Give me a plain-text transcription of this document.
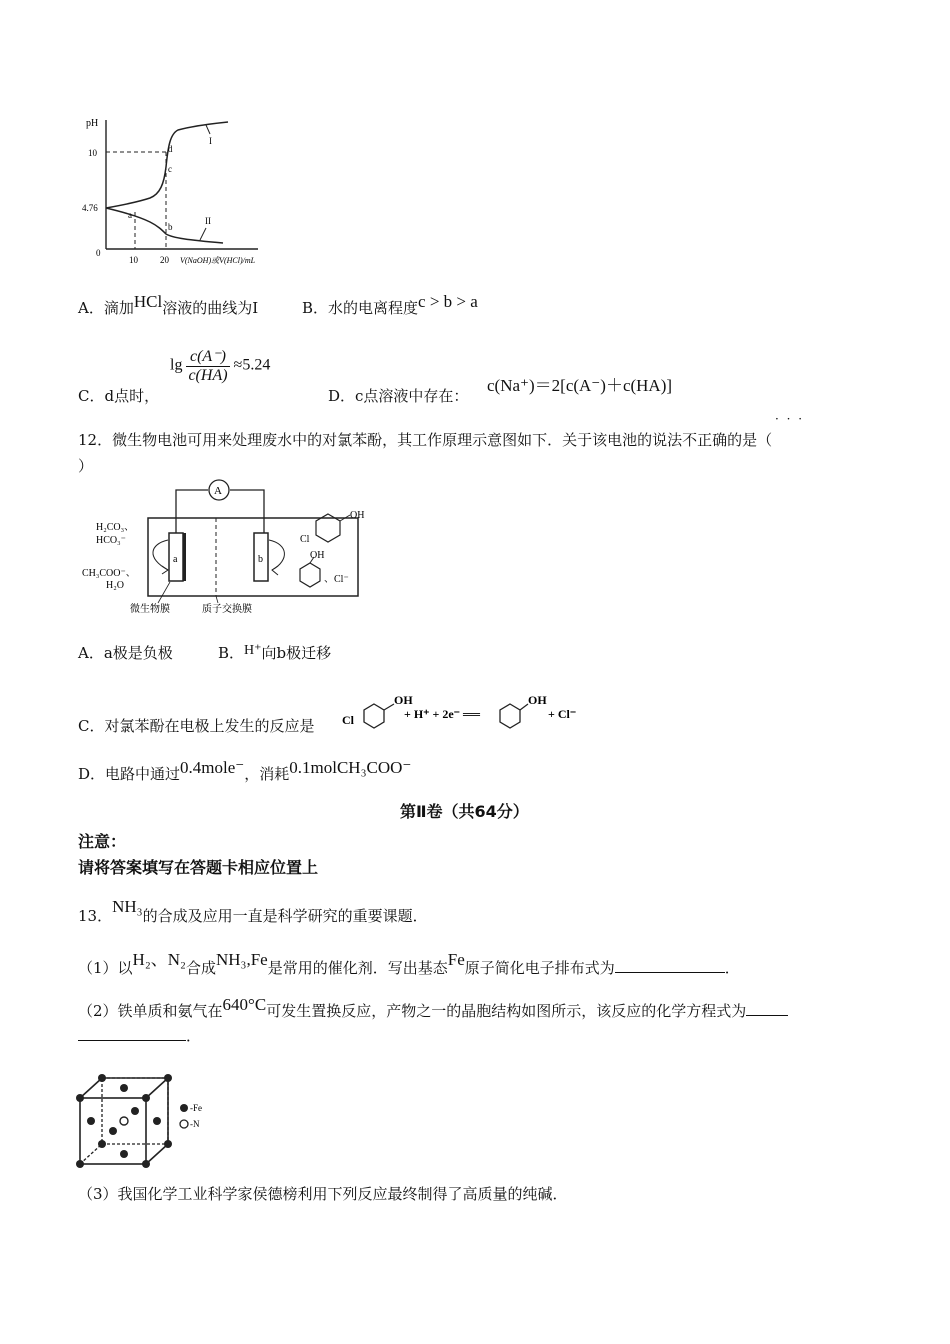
pH
10
4.76
0
10 20 V(NaOH)或V(HCl)/mL
I
II
a
b
c
d
A．滴加HCl溶液的曲线为I	B．水的电离程度c > b > a
C．d点时，
$\lg \frac{c(A^-)}{c(HA)} \approx 5.24$
D．c点溶液中存在：
c(Na⁺)＝2[c(A⁻)＋c(HA)]
· · ·
12．微生物电池可用来处理废水中的对氯苯酚，其工作原理示意图如下．关于该电池的说法不正确的是（
）
A
a	b
H₂CO₃、
HCO₃⁻
CH₃COO⁻、
H₂O
微生物膜	质子交换膜
OH
Cl
OH
、Cl⁻
A．a极是负极	B．H⁺向b极迁移
C．对氯苯酚在电极上发生的反应是 Cl
OH
+ H⁺ + 2e⁻ ══
OH
+ Cl⁻
D．电路中通过0.4mole⁻，消耗0.1molCH₃COO⁻
第Ⅱ卷（共64分）
注意：
请将答案填写在答题卡相应位置上
13．NH₃的合成及应用一直是科学研究的重要课题．
（1）以H₂、N₂合成NH₃,Fe是常用的催化剂．写出基态Fe原子简化电子排布式为	．
（2）铁单质和氨气在640°C可发生置换反应，产物之一的晶胞结构如图所示，该反应的化学方程式为
．
-Fe
-N
（3）我国化学工业科学家侯德榜利用下列反应最终制得了高质量的纯碱．
